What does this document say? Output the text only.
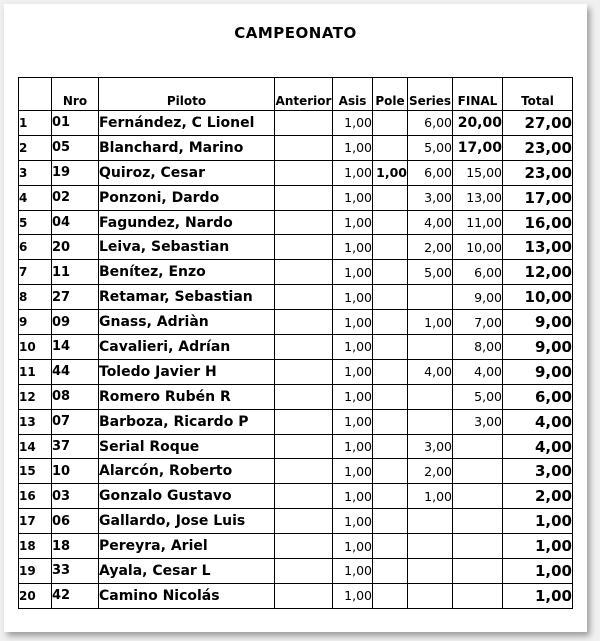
CAMPEONATO
	Nro	Piloto	Anterior	Asis	Pole	Series	FINAL	Total
1	01	Fernández, C Lionel		1,00		6,00	20,00	27,00
2	05	Blanchard, Marino		1,00		5,00	17,00	23,00
3	19	Quiroz, Cesar		1,00	1,00	6,00	15,00	23,00
4	02	Ponzoni, Dardo		1,00		3,00	13,00	17,00
5	04	Fagundez, Nardo		1,00		4,00	11,00	16,00
6	20	Leiva, Sebastian		1,00		2,00	10,00	13,00
7	11	Benítez, Enzo		1,00		5,00	6,00	12,00
8	27	Retamar, Sebastian		1,00			9,00	10,00
9	09	Gnass, Adriàn		1,00		1,00	7,00	9,00
10	14	Cavalieri, Adrían		1,00			8,00	9,00
11	44	Toledo Javier H		1,00		4,00	4,00	9,00
12	08	Romero Rubén R		1,00			5,00	6,00
13	07	Barboza, Ricardo P		1,00			3,00	4,00
14	37	Serial Roque		1,00		3,00		4,00
15	10	Alarcón, Roberto		1,00		2,00		3,00
16	03	Gonzalo Gustavo		1,00		1,00		2,00
17	06	Gallardo, Jose Luis		1,00				1,00
18	18	Pereyra, Ariel		1,00				1,00
19	33	Ayala, Cesar L		1,00				1,00
20	42	Camino Nicolás		1,00				1,00
